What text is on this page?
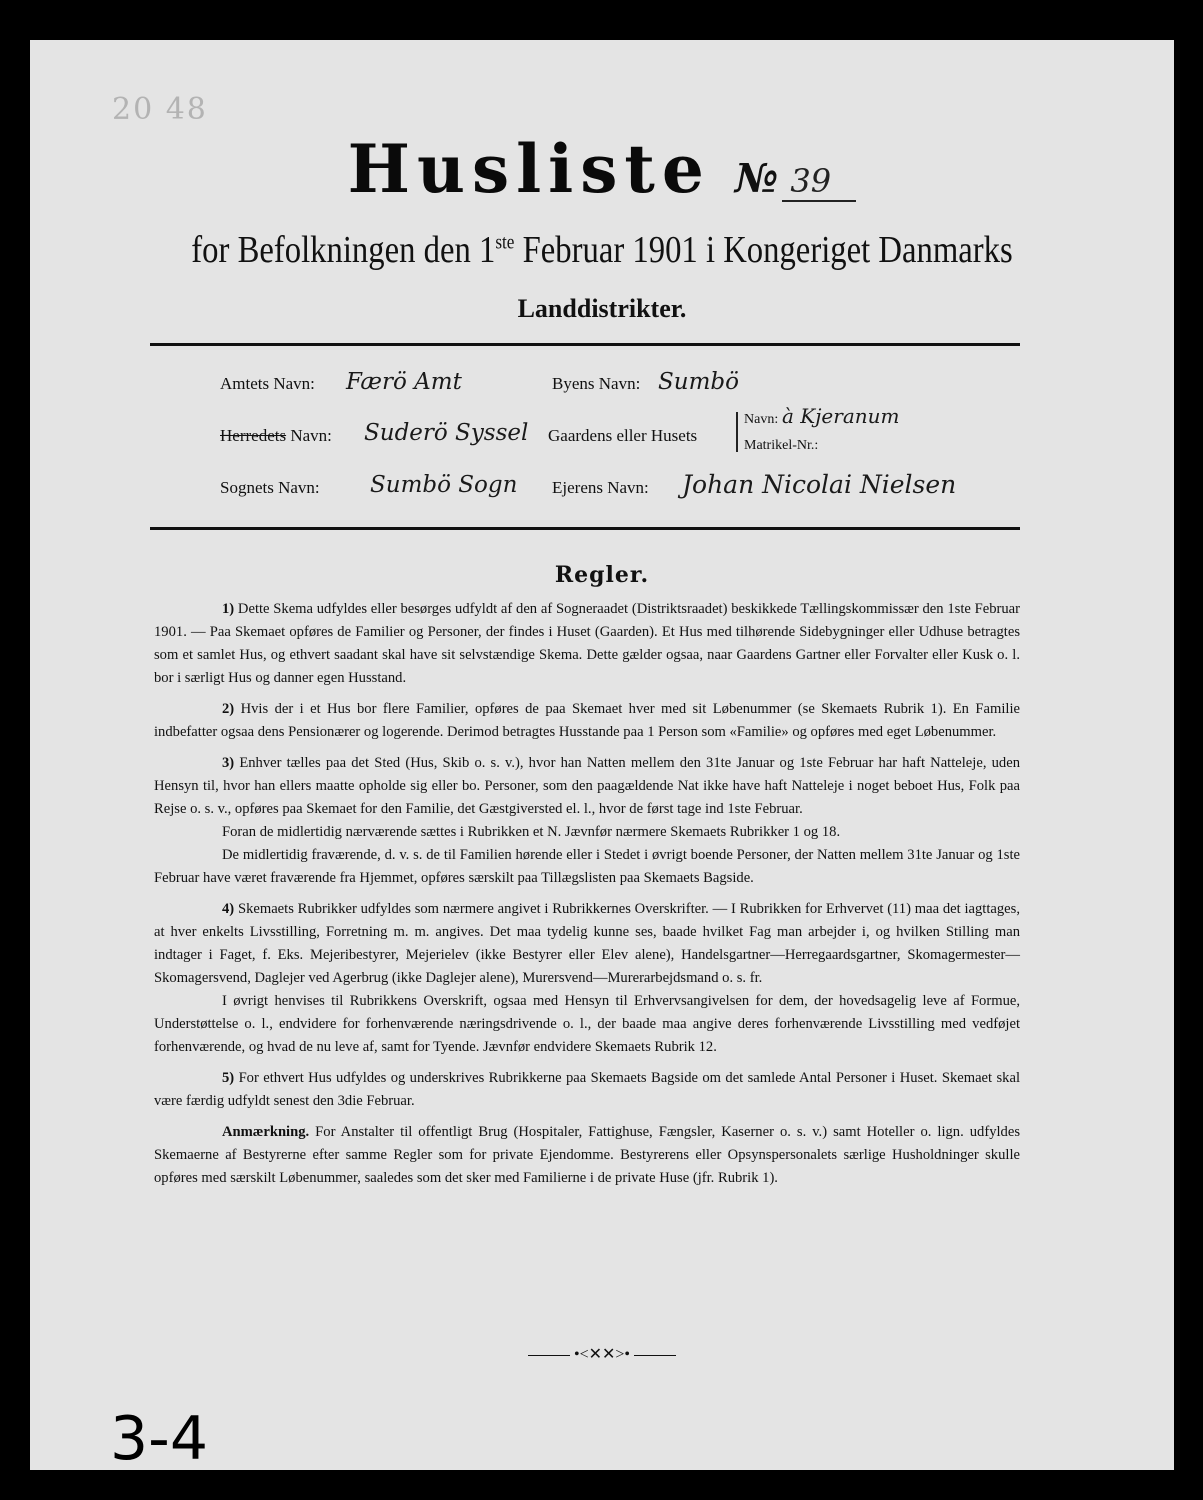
20 48
Husliste № 39
for Befolkningen den 1ste Februar 1901 i Kongeriget Danmarks
Landdistrikter.
Amtets Navn: Færö Amt	Byens Navn: Sumbö
Herredets Navn: Suderö Syssel Gaardens eller Husets
Navn: à Kjeranum
Matrikel-Nr.:
Sognets Navn: Sumbö Sogn Ejerens Navn: Johan Nicolai Nielsen
Regler.

1) Dette Skema udfyldes eller besørges udfyldt af den af Sogneraadet (Distriktsraadet) beskikkede Tællingskommissær den 1ste Februar 1901. — Paa Skemaet opføres de Familier og Personer, der findes i Huset (Gaarden). Et Hus med tilhørende Sidebygninger eller Udhuse betragtes som et samlet Hus, og ethvert saadant skal have sit selvstændige Skema. Dette gælder ogsaa, naar Gaardens Gartner eller Forvalter eller Kusk o. l. bor i særligt Hus og danner egen Husstand.

2) Hvis der i et Hus bor flere Familier, opføres de paa Skemaet hver med sit Løbenummer (se Skemaets Rubrik 1). En Familie indbefatter ogsaa dens Pensionærer og logerende. Derimod betragtes Husstande paa 1 Person som «Familie» og opføres med eget Løbenummer.

3) Enhver tælles paa det Sted (Hus, Skib o. s. v.), hvor han Natten mellem den 31te Januar og 1ste Februar har haft Natteleje, uden Hensyn til, hvor han ellers maatte opholde sig eller bo. Personer, som den paagældende Nat ikke have haft Natteleje i noget beboet Hus, Folk paa Rejse o. s. v., opføres paa Skemaet for den Familie, det Gæstgiversted el. l., hvor de først tage ind 1ste Februar.

Foran de midlertidig nærværende sættes i Rubrikken et N. Jævnfør nærmere Skemaets Rubrikker 1 og 18.

De midlertidig fraværende, d. v. s. de til Familien hørende eller i Stedet i øvrigt boende Personer, der Natten mellem 31te Januar og 1ste Februar have været fraværende fra Hjemmet, opføres særskilt paa Tillægslisten paa Skemaets Bagside.

4) Skemaets Rubrikker udfyldes som nærmere angivet i Rubrikkernes Overskrifter. — I Rubrikken for Erhvervet (11) maa det iagttages, at hver enkelts Livsstilling, Forretning m. m. angives. Det maa tydelig kunne ses, baade hvilket Fag man arbejder i, og hvilken Stilling man indtager i Faget, f. Eks. Mejeribestyrer, Mejerielev (ikke Bestyrer eller Elev alene), Handelsgartner—Herregaardsgartner, Skomagermester—Skomagersvend, Daglejer ved Agerbrug (ikke Daglejer alene), Murersvend—Murerarbejdsmand o. s. fr.

I øvrigt henvises til Rubrikkens Overskrift, ogsaa med Hensyn til Erhvervsangivelsen for dem, der hovedsagelig leve af Formue, Understøttelse o. l., endvidere for forhenværende næringsdrivende o. l., der baade maa angive deres forhenværende Livsstilling med vedføjet forhenværende, og hvad de nu leve af, samt for Tyende. Jævnfør endvidere Skemaets Rubrik 12.

5) For ethvert Hus udfyldes og underskrives Rubrikkerne paa Skemaets Bagside om det samlede Antal Personer i Huset. Skemaet skal være færdig udfyldt senest den 3die Februar.

Anmærkning. For Anstalter til offentligt Brug (Hospitaler, Fattighuse, Fængsler, Kaserner o. s. v.) samt Hoteller o. lign. udfyldes Skemaerne af Bestyrerne efter samme Regler som for private Ejendomme. Bestyrerens eller Opsynspersonalets særlige Husholdninger skulle opføres med særskilt Løbenummer, saaledes som det sker med Familierne i de private Huse (jfr. Rubrik 1).

•<✕✕>•
3-4
